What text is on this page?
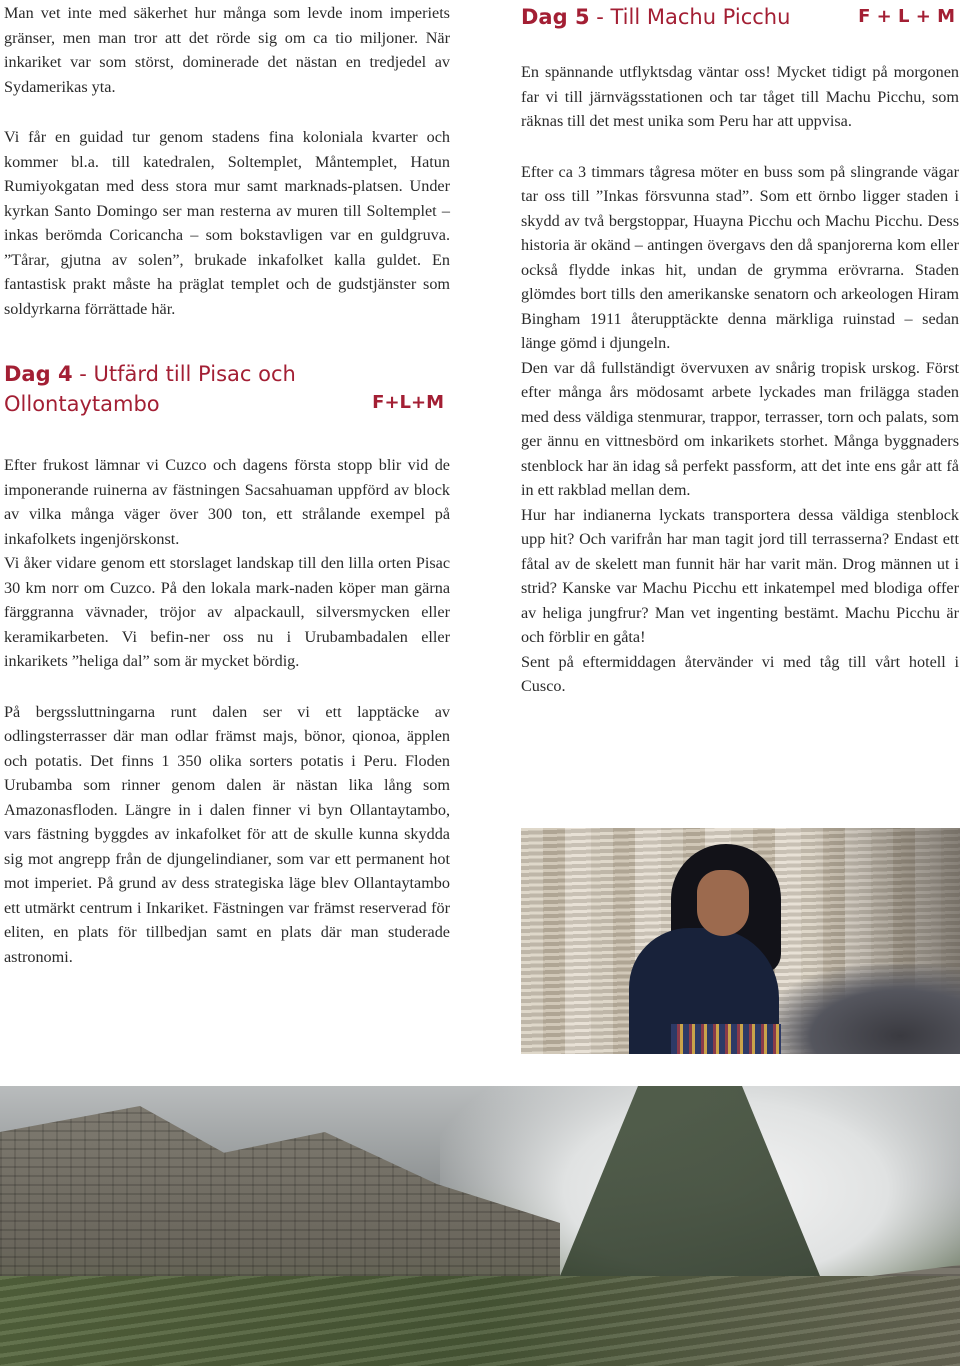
Man vet inte med säkerhet hur många som levde inom imperiets gränser, men man tror att det rörde sig om ca tio miljoner. När inkariket var som störst, dominerade det nästan en tredjedel av Sydamerikas yta.

Vi får en guidad tur genom stadens fina koloniala kvarter och kommer bl.a. till katedralen, Soltemplet, Måntemplet, Hatun Rumiyokgatan med dess stora mur samt marknads-platsen. Under kyrkan Santo Domingo ser man resterna av muren till Soltemplet – inkas berömda Coricancha – som bokstavligen var en guldgruva. ”Tårar, gjutna av solen”, brukade inkafolket kalla guldet. En fantastisk prakt måste ha präglat templet och de gudstjänster som soldyrkarna förrättade här.

Dag 4 - Utfärd till Pisac och
Ollontaytambo	F+L+M

Efter frukost lämnar vi Cuzco och dagens första stopp blir vid de imponerande ruinerna av fästningen Sacsahuaman uppförd av block av vilka många väger över 300 ton, ett strålande exempel på inkafolkets ingenjörskonst.

Vi åker vidare genom ett storslaget landskap till den lilla orten Pisac 30 km norr om Cuzco. På den lokala mark-naden köper man gärna färggranna vävnader, tröjor av alpackaull, silversmycken eller keramikarbeten. Vi befin-ner oss nu i Urubambadalen eller inkarikets ”heliga dal” som är mycket bördig.

På bergssluttningarna runt dalen ser vi ett lapptäcke av odlingsterrasser där man odlar främst majs, bönor, qionoa, äpplen och potatis. Det finns 1 350 olika sorters potatis i Peru. Floden Urubamba som rinner genom dalen är nästan lika lång som Amazonasfloden. Längre in i dalen finner vi byn Ollantaytambo, vars fästning byggdes av inkafolket för att de skulle kunna skydda sig mot angrepp från de djungelindianer, som var ett permanent hot mot imperiet. På grund av dess strategiska läge blev Ollantaytambo ett utmärkt centrum i Inkariket. Fästningen var främst reserverad för eliten, en plats för tillbedjan samt en plats där man studerade astronomi.

Dag 5 - Till Machu Picchu	F + L + M

En spännande utflyktsdag väntar oss! Mycket tidigt på morgonen far vi till järnvägsstationen och tar tåget till Machu Picchu, som räknas till det mest unika som Peru har att uppvisa.

Efter ca 3 timmars tågresa möter en buss som på slingrande vägar tar oss till ”Inkas försvunna stad”. Som ett örnbo ligger staden i skydd av två bergstoppar, Huayna Picchu och Machu Picchu. Dess historia är okänd – antingen övergavs den då spanjorerna kom eller också flydde inkas hit, undan de grymma erövrarna. Staden glömdes bort tills den amerikanske senatorn och arkeologen Hiram Bingham 1911 återupptäckte denna märkliga ruinstad – sedan länge gömd i djungeln.

Den var då fullständigt övervuxen av snårig tropisk urskog. Först efter många års mödosamt arbete lyckades man frilägga staden med dess väldiga stenmurar, trappor, terrasser, torn och palats, som ger ännu en vittnesbörd om inkarikets storhet. Många byggnaders stenblock har än idag så perfekt passform, att det inte ens går att få in ett rakblad mellan dem.

Hur har indianerna lyckats transportera dessa väldiga stenblock upp hit? Och varifrån har man tagit jord till terrasserna? Endast ett fåtal av de skelett man funnit här har varit män. Drog männen ut i strid? Kanske var Machu Picchu ett inkatempel med blodiga offer av heliga jungfrur? Man vet ingenting bestämt. Machu Picchu är och förblir en gåta!

Sent på eftermiddagen återvänder vi med tåg till vårt hotell i Cusco.
